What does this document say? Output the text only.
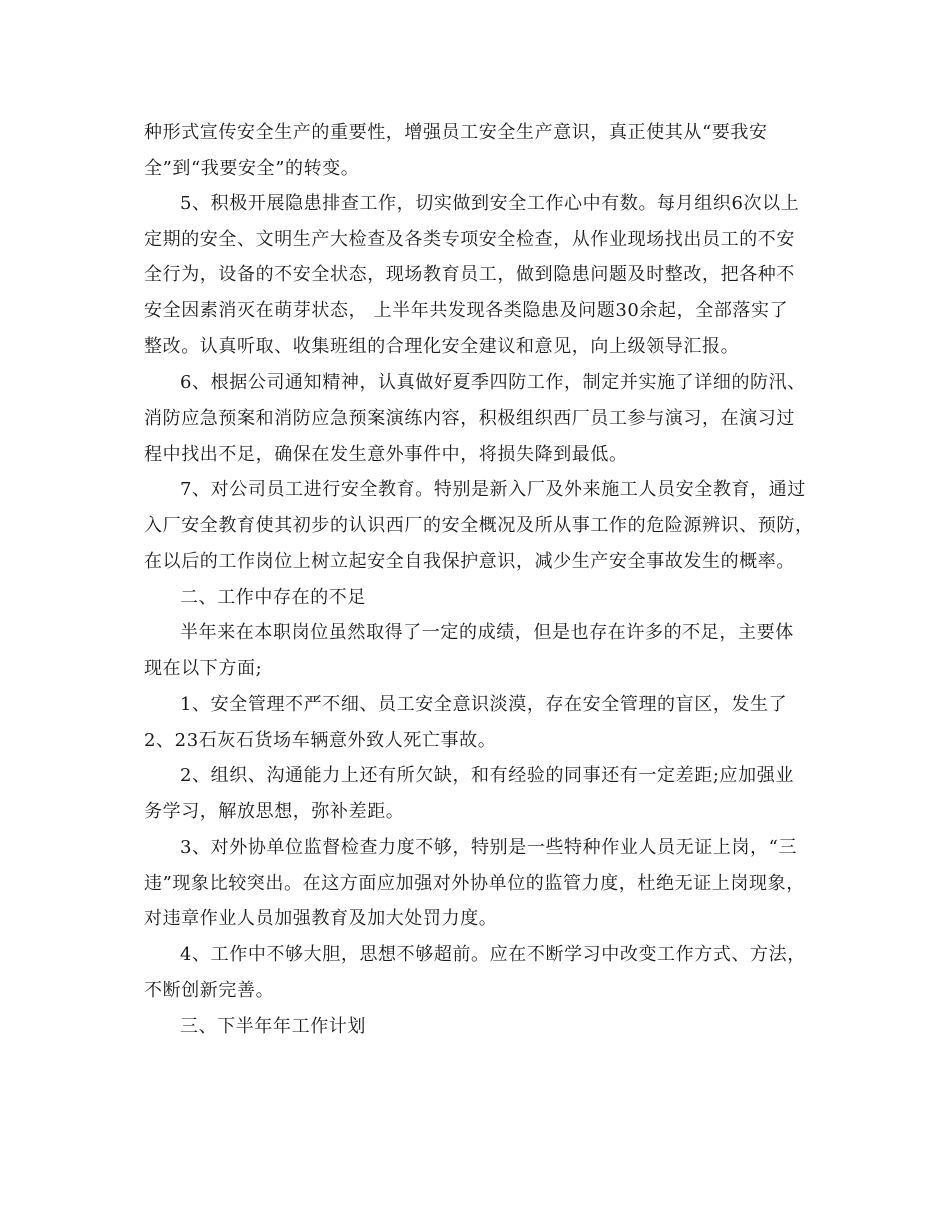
种形式宣传安全生产的重要性，增强员工安全生产意识，真正使其从“要我安
全”到“我要安全”的转变。
5、积极开展隐患排查工作，切实做到安全工作心中有数。每月组织6次以上
定期的安全、文明生产大检查及各类专项安全检查，从作业现场找出员工的不安
全行为，设备的不安全状态，现场教育员工，做到隐患问题及时整改，把各种不
安全因素消灭在萌芽状态， 上半年共发现各类隐患及问题30余起，全部落实了
整改。认真听取、收集班组的合理化安全建议和意见，向上级领导汇报。
6、根据公司通知精神，认真做好夏季四防工作，制定并实施了详细的防汛、
消防应急预案和消防应急预案演练内容，积极组织西厂员工参与演习，在演习过
程中找出不足，确保在发生意外事件中，将损失降到最低。
7、对公司员工进行安全教育。特别是新入厂及外来施工人员安全教育，通过
入厂安全教育使其初步的认识西厂的安全概况及所从事工作的危险源辨识、预防，
在以后的工作岗位上树立起安全自我保护意识，减少生产安全事故发生的概率。
二、工作中存在的不足
半年来在本职岗位虽然取得了一定的成绩，但是也存在许多的不足，主要体
现在以下方面;
1、安全管理不严不细、员工安全意识淡漠，存在安全管理的盲区，发生了
2、23石灰石货场车辆意外致人死亡事故。
2、组织、沟通能力上还有所欠缺，和有经验的同事还有一定差距;应加强业
务学习，解放思想，弥补差距。
3、对外协单位监督检查力度不够，特别是一些特种作业人员无证上岗，“三
违”现象比较突出。在这方面应加强对外协单位的监管力度，杜绝无证上岗现象，
对违章作业人员加强教育及加大处罚力度。
4、工作中不够大胆，思想不够超前。应在不断学习中改变工作方式、方法，
不断创新完善。
三、下半年年工作计划
